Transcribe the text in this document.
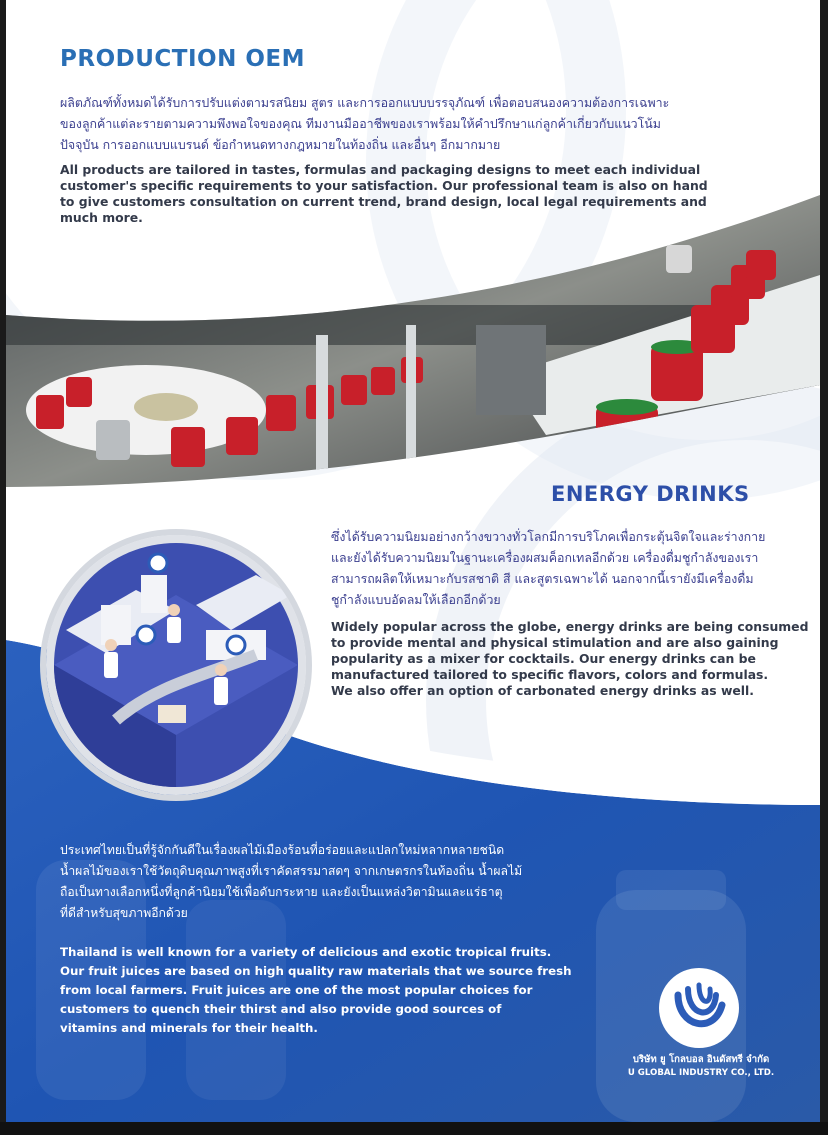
PRODUCTION OEM

ผลิตภัณฑ์ทั้งหมดได้รับการปรับแต่งตามรสนิยม สูตร และการออกแบบบรรจุภัณฑ์ เพื่อตอบสนองความต้องการเฉพาะ

ของลูกค้าแต่ละรายตามความพึงพอใจของคุณ ทีมงานมืออาชีพของเราพร้อมให้คำปรึกษาแก่ลูกค้าเกี่ยวกับแนวโน้ม

ปัจจุบัน การออกแบบแบรนด์ ข้อกำหนดทางกฎหมายในท้องถิ่น และอื่นๆ อีกมากมาย

All products are tailored in tastes, formulas and packaging designs to meet each individual

customer's specific requirements to your satisfaction. Our professional team is also on hand

to give customers consultation on current trend, brand design, local legal requirements and

much more.

ENERGY DRINKS

ซึ่งได้รับความนิยมอย่างกว้างขวางทั่วโลกมีการบริโภคเพื่อกระตุ้นจิตใจและร่างกาย

และยังได้รับความนิยมในฐานะเครื่องผสมค็อกเทลอีกด้วย เครื่องดื่มชูกำลังของเรา

สามารถผลิตให้เหมาะกับรสชาติ สี และสูตรเฉพาะได้ นอกจากนี้เรายังมีเครื่องดื่ม

ชูกำลังแบบอัดลมให้เลือกอีกด้วย

Widely popular across the globe, energy drinks are being consumed

to provide mental and physical stimulation and are also gaining

popularity as a mixer for cocktails. Our energy drinks can be

manufactured tailored to specific flavors, colors and formulas.

We also offer an option of carbonated energy drinks as well.

ประเทศไทยเป็นที่รู้จักกันดีในเรื่องผลไม้เมืองร้อนที่อร่อยและแปลกใหม่หลากหลายชนิด

น้ำผลไม้ของเราใช้วัตถุดิบคุณภาพสูงที่เราคัดสรรมาสดๆ จากเกษตรกรในท้องถิ่น น้ำผลไม้

ถือเป็นทางเลือกหนึ่งที่ลูกค้านิยมใช้เพื่อดับกระหาย และยังเป็นแหล่งวิตามินและแร่ธาตุ

ที่ดีสำหรับสุขภาพอีกด้วย

Thailand is well known for a variety of delicious and exotic tropical fruits.

Our fruit juices are based on high quality raw materials that we source fresh

from local farmers. Fruit juices are one of the most popular choices for

customers to quench their thirst and also provide good sources of

vitamins and minerals for their health.

บริษัท ยู โกลบอล อินดัสทรี จำกัด

U GLOBAL INDUSTRY CO., LTD.
